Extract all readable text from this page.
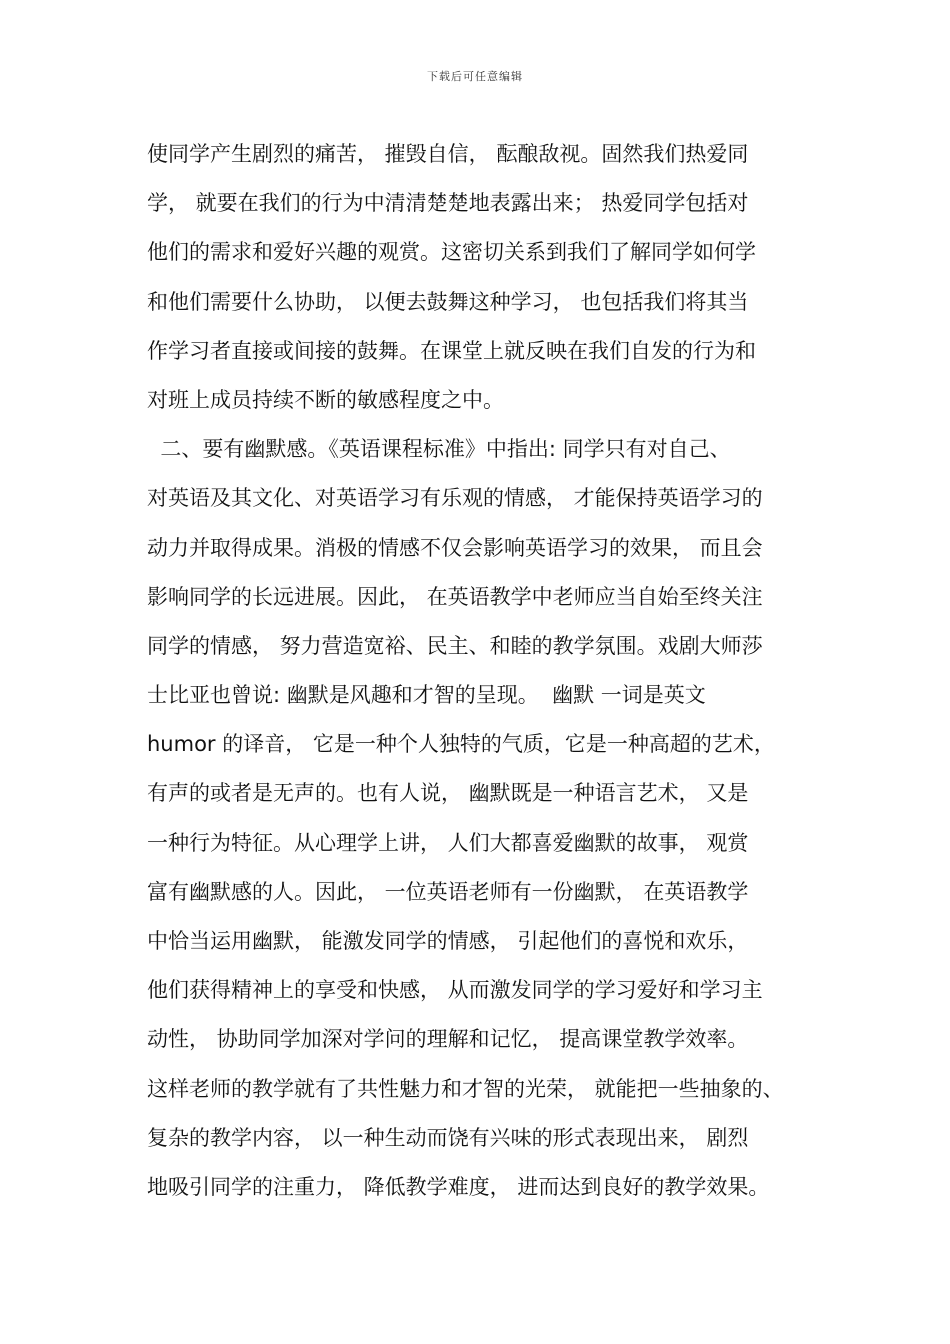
下载后可任意编辑
使同学产生剧烈的痛苦， 摧毁自信， 酝酿敌视。固然我们热爱同
学， 就要在我们的行为中清清楚楚地表露出来； 热爱同学包括对
他们的需求和爱好兴趣的观赏。这密切关系到我们了解同学如何学
和他们需要什么协助， 以便去鼓舞这种学习， 也包括我们将其当
作学习者直接或间接的鼓舞。在课堂上就反映在我们自发的行为和
对班上成员持续不断的敏感程度之中。
二、要有幽默感。《英语课程标准》中指出: 同学只有对自己、
对英语及其文化、对英语学习有乐观的情感， 才能保持英语学习的
动力并取得成果。消极的情感不仅会影响英语学习的效果， 而且会
影响同学的长远进展。因此， 在英语教学中老师应当自始至终关注
同学的情感， 努力营造宽裕、民主、和睦的教学氛围。戏剧大师莎
士比亚也曾说: 幽默是风趣和才智的呈现。  幽默 一词是英文
humor 的译音， 它是一种个人独特的气质，它是一种高超的艺术，
有声的或者是无声的。也有人说， 幽默既是一种语言艺术， 又是
一种行为特征。从心理学上讲， 人们大都喜爱幽默的故事， 观赏
富有幽默感的人。因此， 一位英语老师有一份幽默， 在英语教学
中恰当运用幽默， 能激发同学的情感， 引起他们的喜悦和欢乐，
他们获得精神上的享受和快感， 从而激发同学的学习爱好和学习主
动性， 协助同学加深对学问的理解和记忆， 提高课堂教学效率。
这样老师的教学就有了共性魅力和才智的光荣， 就能把一些抽象的、
复杂的教学内容， 以一种生动而饶有兴味的形式表现出来， 剧烈
地吸引同学的注重力， 降低教学难度， 进而达到良好的教学效果。
